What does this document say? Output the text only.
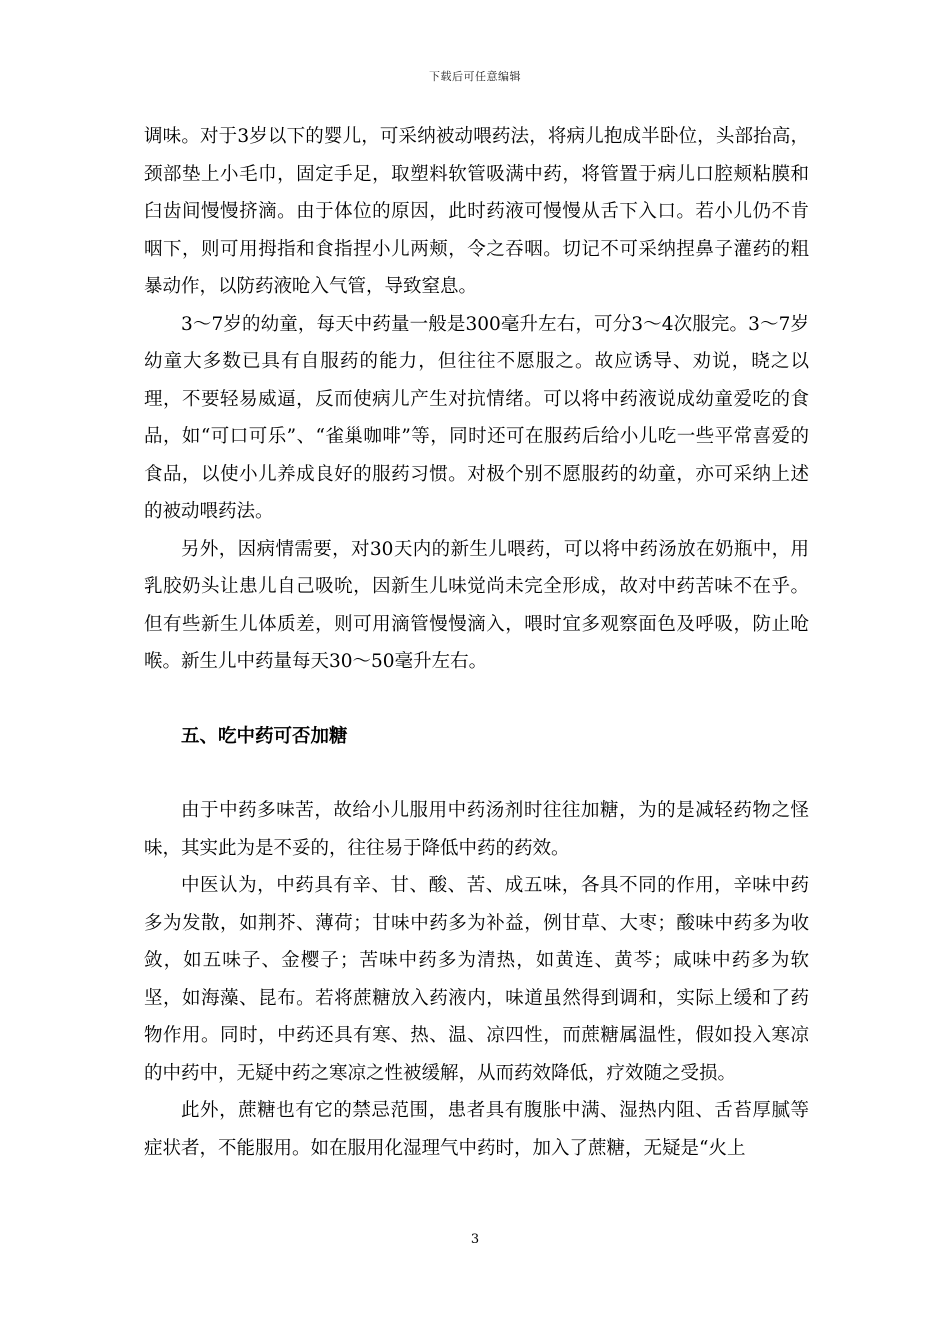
下载后可任意编辑

调味。对于3岁以下的婴儿，可采纳被动喂药法，将病儿抱成半卧位，头部抬高，颈部垫上小毛巾，固定手足，取塑料软管吸满中药，将管置于病儿口腔颊粘膜和臼齿间慢慢挤滴。由于体位的原因，此时药液可慢慢从舌下入口。若小儿仍不肯咽下，则可用拇指和食指捏小儿两颊，令之吞咽。切记不可采纳捏鼻子灌药的粗暴动作，以防药液呛入气管，导致窒息。

3～7岁的幼童，每天中药量一般是300毫升左右，可分3～4次服完。3～7岁幼童大多数已具有自服药的能力，但往往不愿服之。故应诱导、劝说，晓之以理，不要轻易威逼，反而使病儿产生对抗情绪。可以将中药液说成幼童爱吃的食品，如“可口可乐”、“雀巢咖啡”等，同时还可在服药后给小儿吃一些平常喜爱的食品，以使小儿养成良好的服药习惯。对极个别不愿服药的幼童，亦可采纳上述的被动喂药法。

另外，因病情需要，对30天内的新生儿喂药，可以将中药汤放在奶瓶中，用乳胶奶头让患儿自己吸吮，因新生儿味觉尚未完全形成，故对中药苦味不在乎。但有些新生儿体质差，则可用滴管慢慢滴入，喂时宜多观察面色及呼吸，防止呛喉。新生儿中药量每天30～50毫升左右。

五、吃中药可否加糖

由于中药多味苦，故给小儿服用中药汤剂时往往加糖，为的是减轻药物之怪味，其实此为是不妥的，往往易于降低中药的药效。

中医认为，中药具有辛、甘、酸、苦、成五味，各具不同的作用，辛味中药多为发散，如荆芥、薄荷；甘味中药多为补益，例甘草、大枣；酸味中药多为收敛，如五味子、金樱子；苦味中药多为清热，如黄连、黄芩；咸味中药多为软坚，如海藻、昆布。若将蔗糖放入药液内，味道虽然得到调和，实际上缓和了药物作用。同时，中药还具有寒、热、温、凉四性，而蔗糖属温性，假如投入寒凉的中药中，无疑中药之寒凉之性被缓解，从而药效降低，疗效随之受损。

此外，蔗糖也有它的禁忌范围，患者具有腹胀中满、湿热内阻、舌苔厚腻等症状者，不能服用。如在服用化湿理气中药时，加入了蔗糖，无疑是“火上

3
